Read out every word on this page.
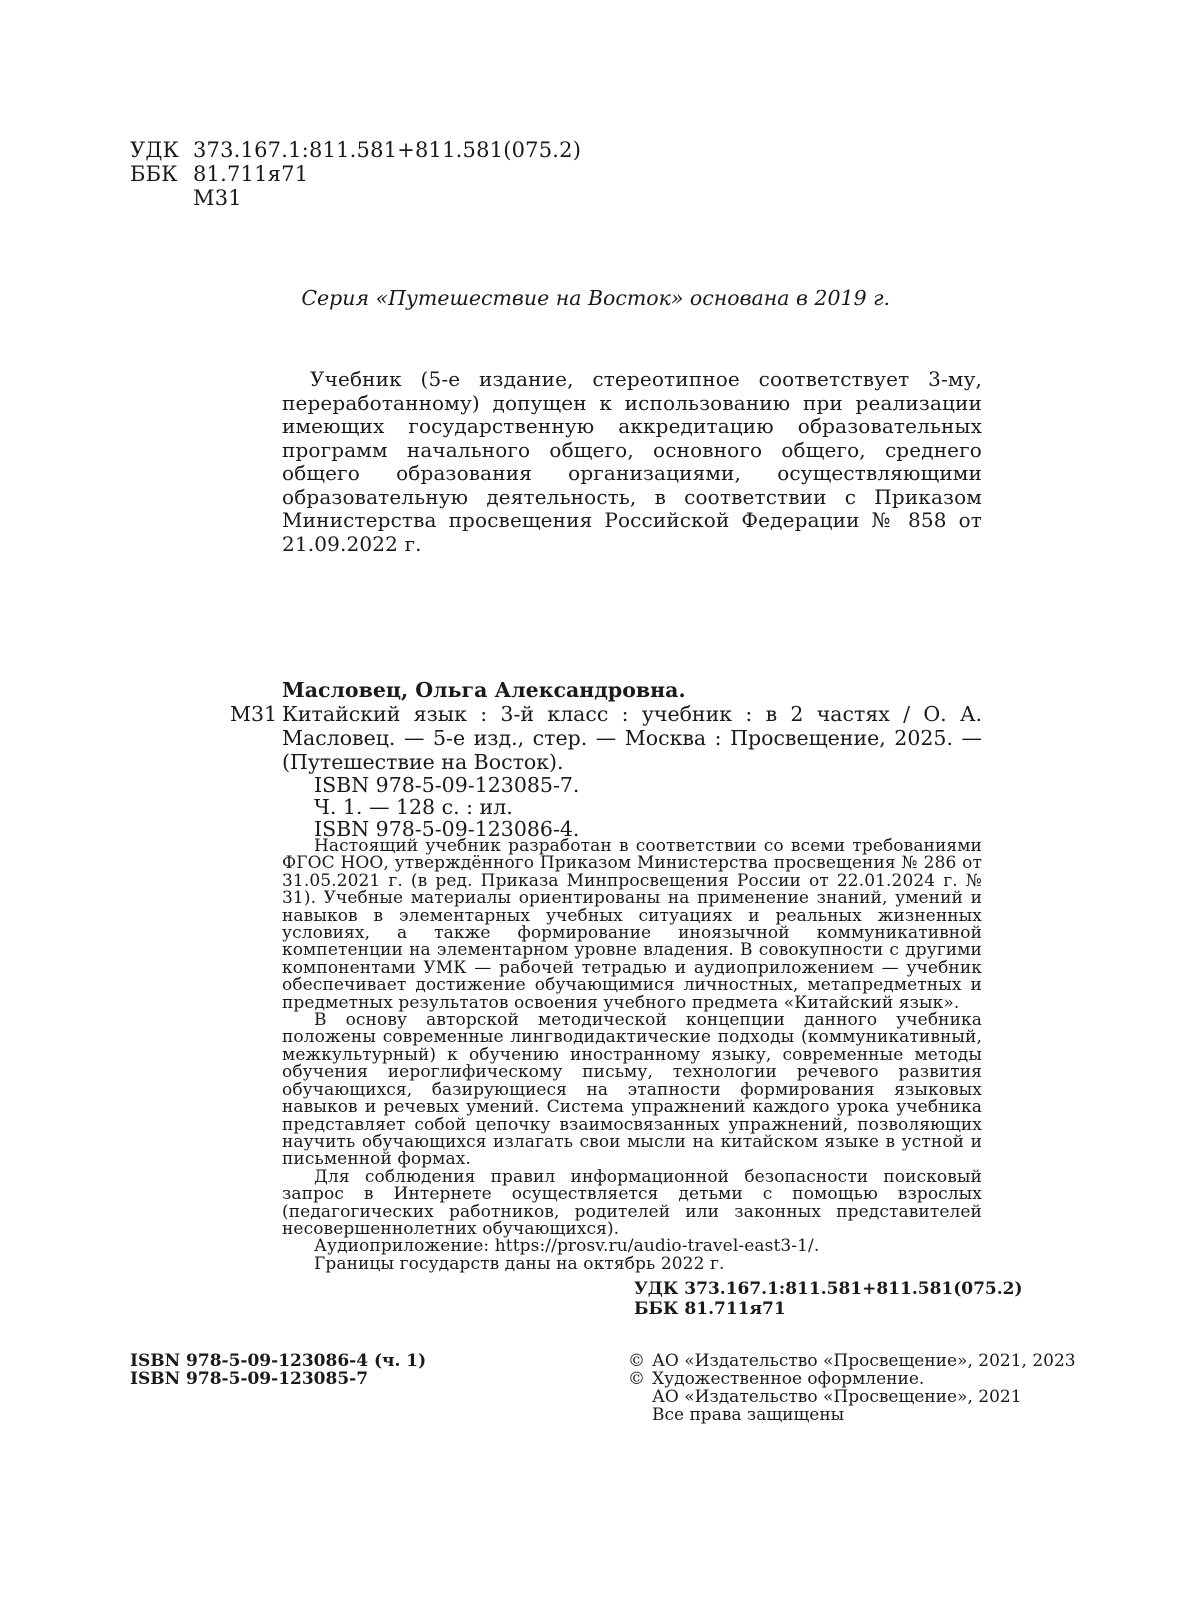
УДК 373.167.1:811.581+811.581(075.2)
ББК 81.711я71
М31
Серия «Путешествие на Восток» основана в 2019 г.
Учебник (5-е издание, стереотипное соответствует 3-му, переработанному) допущен к использованию при реализации имеющих государственную аккредитацию образовательных программ начального общего, основного общего, среднего общего образования организациями, осуществляющими образовательную деятельность, в соответствии с Приказом Министерства просвещения Российской Федерации № 858 от 21.09.2022 г.
Масловец, Ольга Александровна.
М31 Китайский язык : 3-й класс : учебник : в 2 частях / О. А. Масловец. — 5-е изд., стер. — Москва : Просвещение, 2025. — (Путешествие на Восток).
ISBN 978-5-09-123085-7.
Ч. 1. — 128 с. : ил.
ISBN 978-5-09-123086-4.

Настоящий учебник разработан в соответствии со всеми требованиями ФГОС НОО, утверждённого Приказом Министерства просвещения № 286 от 31.05.2021 г. (в ред. Приказа Минпросвещения России от 22.01.2024 г. № 31). Учебные материалы ориентированы на применение знаний, умений и навыков в элементарных учебных ситуациях и реальных жизненных условиях, а также формирование иноязычной коммуникативной компетенции на элементарном уровне владения. В совокупности с другими компонентами УМК — рабочей тетрадью и аудиоприложением — учебник обеспечивает достижение обучающимися личностных, метапредметных и предметных результатов освоения учебного предмета «Китайский язык».

В основу авторской методической концепции данного учебника положены современные лингводидактические подходы (коммуникативный, межкультурный) к обучению иностранному языку, современные методы обучения иероглифическому письму, технологии речевого развития обучающихся, базирующиеся на этапности формирования языковых навыков и речевых умений. Система упражнений каждого урока учебника представляет собой цепочку взаимосвязанных упражнений, позволяющих научить обучающихся излагать свои мысли на китайском языке в устной и письменной формах.

Для соблюдения правил информационной безопасности поисковый запрос в Интернете осуществляется детьми с помощью взрослых (педагогических работников, родителей или законных представителей несовершеннолетних обучающихся).

Аудиоприложение: https://prosv.ru/audio-travel-east3-1/.

Границы государств даны на октябрь 2022 г.

УДК 373.167.1:811.581+811.581(075.2)
ББК 81.711я71
ISBN 978-5-09-123086-4 (ч. 1)
ISBN 978-5-09-123085-7
© АО «Издательство «Просвещение», 2021, 2023
© Художественное оформление.
АО «Издательство «Просвещение», 2021
Все права защищены
